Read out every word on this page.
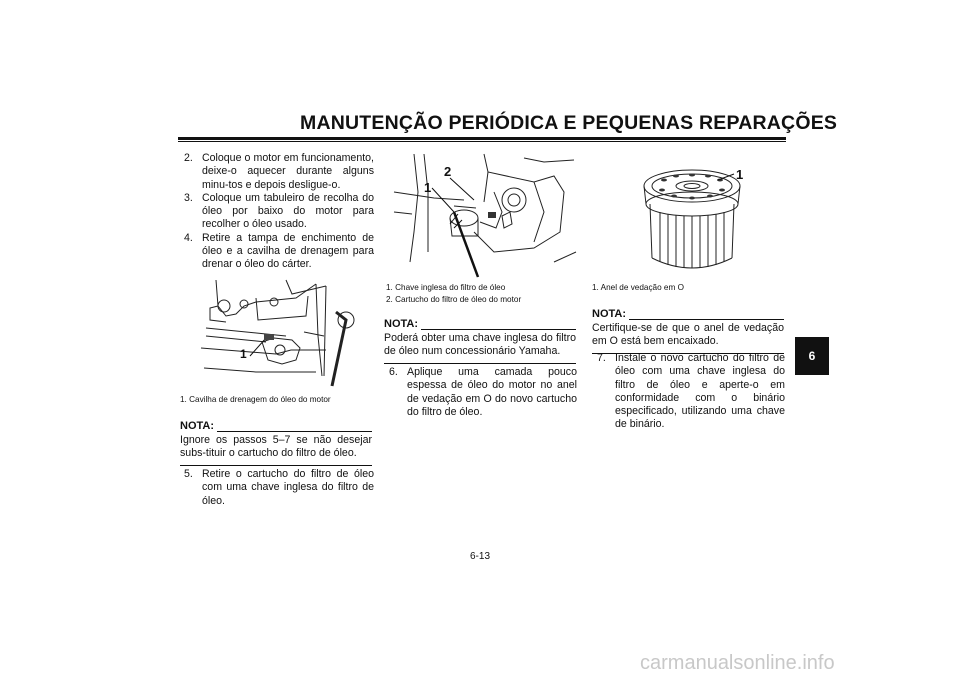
MANUTENÇÃO PERIÓDICA E PEQUENAS REPARAÇÕES
2. Coloque o motor em funcionamento, deixe-o aquecer durante alguns minu-tos e depois desligue-o.
3. Coloque um tabuleiro de recolha do óleo por baixo do motor para recolher o óleo usado.
4. Retire a tampa de enchimento de óleo e a cavilha de drenagem para drenar o óleo do cárter.
1
1. Cavilha de drenagem do óleo do motor
NOTA:
Ignore os passos 5–7 se não desejar subs-tituir o cartucho do filtro de óleo.
5. Retire o cartucho do filtro de óleo com uma chave inglesa do filtro de óleo.
1
2
1. Chave inglesa do filtro de óleo
2. Cartucho do filtro de óleo do motor
NOTA:
Poderá obter uma chave inglesa do filtro de óleo num concessionário Yamaha.
6. Aplique uma camada pouco espessa de óleo do motor no anel de vedação em O do novo cartucho do filtro de óleo.
1
1. Anel de vedação em O
NOTA:
Certifique-se de que o anel de vedação em O está bem encaixado.
7. Instale o novo cartucho do filtro de óleo com uma chave inglesa do filtro de óleo e aperte-o em conformidade com o binário especificado, utilizando uma chave de binário.
6
6-13
carmanualsonline.info
